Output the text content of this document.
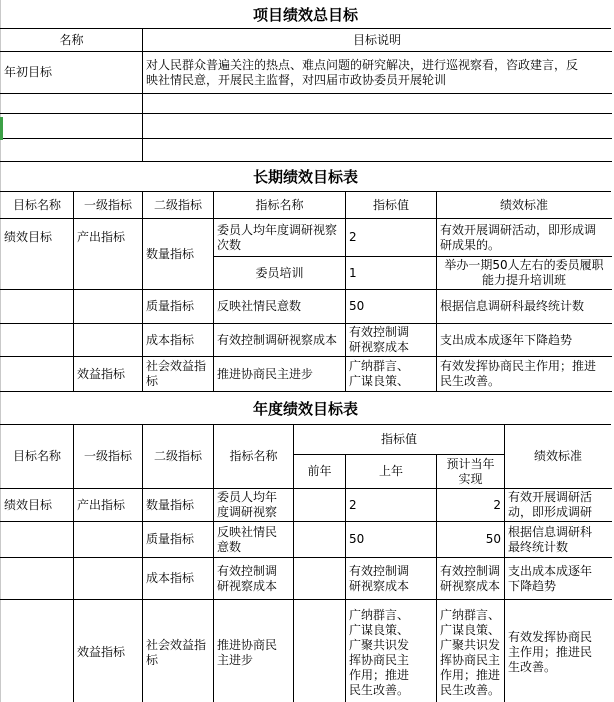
项目绩效总目标
名称	目标说明
年初目标	对人民群众普遍关注的热点、难点问题的研究解决，进行巡视察看，咨政建言，反映社情民意，开展民主监督，对四届市政协委员开展轮训

长期绩效目标表
目标名称	一级指标	二级指标	指标名称	指标值	绩效标准
绩效目标	产出指标	数量指标	委员人均年度调研视察次数	2	有效开展调研活动，即形成调研成果的。

			委员培训	1	举办一期50人左右的委员履职能力提升培训班

		质量指标	反映社情民意数	50	根据信息调研科最终统计数
		成本指标	有效控制调研视察成本	有效控制调研视察成本	支出成本成逐年下降趋势
	效益指标	社会效益指标	推进协商民主进步	广纳群言、广谋良策、	有效发挥协商民主作用；推进民生改善。
年度绩效目标表
目标名称	一级指标	二级指标	指标名称	指标值			绩效标准
				前年	上年	预计当年实现	

绩效目标	产出指标	数量指标	委员人均年度调研视察		2	2	有效开展调研活动，即形成调研

		质量指标	反映社情民意数		50	50	根据信息调研科最终统计数

		成本指标	有效控制调研视察成本		有效控制调研视察成本	有效控制调研视察成本	支出成本成逐年下降趋势

	效益指标	社会效益指标	推进协商民主进步		广纳群言、广谋良策、广聚共识发挥协商民主作用；推进民生改善。	广纳群言、广谋良策、广聚共识发挥协商民主作用；推进民生改善。	有效发挥协商民主作用；推进民生改善。
